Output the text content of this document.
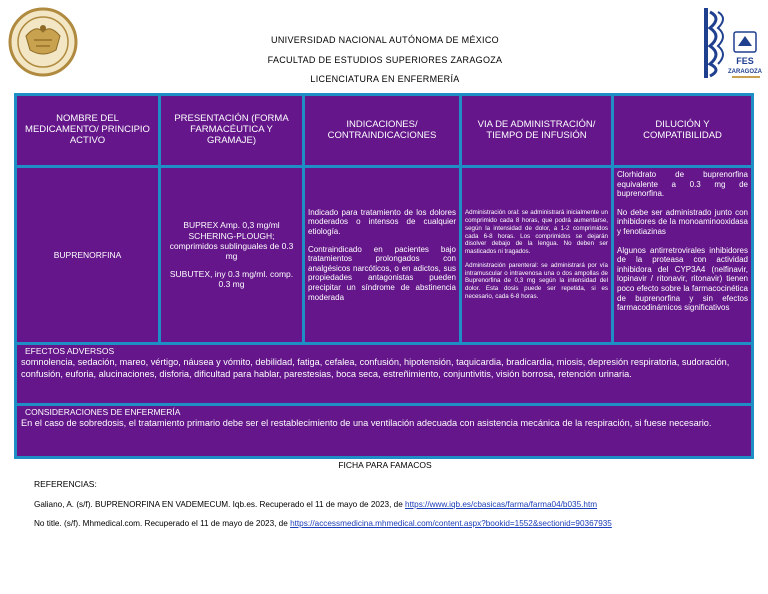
FES
ZARAGOZA
UNIVERSIDAD NACIONAL AUTÓNOMA DE MÉXICO
FACULTAD DE ESTUDIOS SUPERIORES ZARAGOZA
LICENCIATURA EN ENFERMERÍA
NOMBRE DEL MEDICAMENTO/ PRINCIPIO ACTIVO
PRESENTACIÓN (FORMA FARMACÉUTICA Y GRAMAJE)
INDICACIONES/ CONTRAINDICACIONES
VIA DE ADMINISTRACIÓN/ TIEMPO DE INFUSIÓN
DILUCIÓN Y COMPATIBILIDAD
BUPRENORFINA

BUPREX Amp. 0,3 mg/ml SCHERING-PLOUGH; comprimidos sublinguales de 0.3 mg

SUBUTEX, iny 0.3 mg/ml. comp. 0.3 mg

Indicado para tratamiento de los dolores moderados o intensos de cualquier etiología.

Contraindicado en pacientes bajo tratamientos prolongados con analgésicos narcóticos, o en adictos, sus propiedades antagonistas pueden precipitar un síndrome de abstinencia moderada

Administración oral: se administrará inicialmente un comprimido cada 8 horas, que podrá aumentarse, según la intensidad de dolor, a 1-2 comprimidos cada 6-8 horas. Los comprimidos se dejarán disolver debajo de la lengua. No deben ser masticados ni tragados.

Administración parenteral: se administrará por vía intramuscular o intravenosa una o dos ampollas de Buprenorfina de 0,3 mg según la intensidad del dolor. Esta dosis puede ser repetida, si es necesario, cada 6-8 horas.

Clorhidrato de buprenorfina equivalente a 0.3 mg de buprenorfina.

No debe ser administrado junto con inhibidores de la monoaminooxidasa y fenotiazinas

Algunos antirretrovirales inhibidores de la proteasa con actividad inhibidora del CYP3A4 (nelfinavir, lopinavir / ritonavir, ritonavir) tienen poco efecto sobre la farmacocinética de buprenorfina y sin efectos farmacodinámicos significativos

EFECTOS ADVERSOS
somnolencia, sedación, mareo, vértigo, náusea y vómito, debilidad, fatiga, cefalea, confusión, hipotensión, taquicardia, bradicardia, miosis, depresión respiratoria, sudoración, confusión, euforia, alucinaciones, disforia, dificultad para hablar, parestesias, boca seca, estreñimiento, conjuntivitis, visión borrosa, retención urinaria.
CONSIDERACIONES DE ENFERMERÍA
En el caso de sobredosis, el tratamiento primario debe ser el restablecimiento de una ventilación adecuada con asistencia mecánica de la respiración, si fuese necesario.
FICHA PARA FAMACOS
REFERENCIAS:
Galiano, A. (s/f). BUPRENORFINA EN VADEMECUM. Iqb.es. Recuperado el 11 de mayo de 2023, de https://www.iqb.es/cbasicas/farma/farma04/b035.htm
No title. (s/f). Mhmedical.com. Recuperado el 11 de mayo de 2023, de https://accessmedicina.mhmedical.com/content.aspx?bookid=1552&sectionid=90367935
